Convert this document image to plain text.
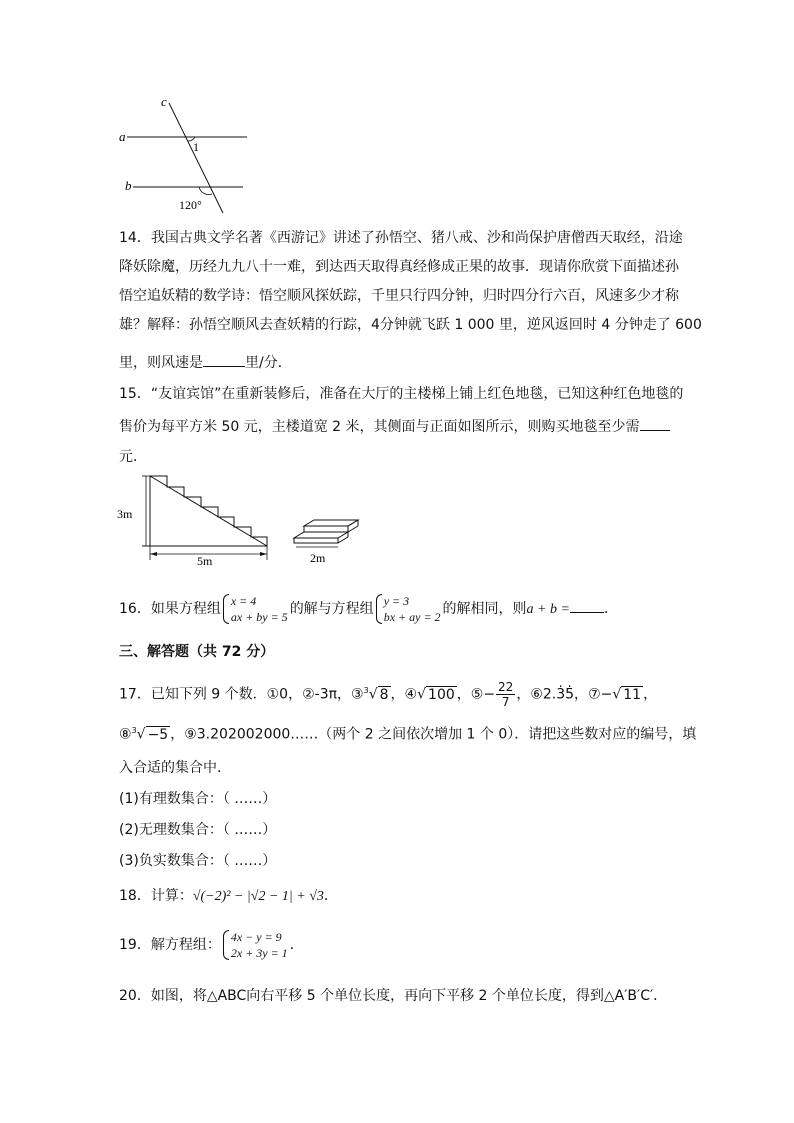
c
a
b
1
120°
14．我国古典文学名著《西游记》讲述了孙悟空、猪八戒、沙和尚保护唐僧西天取经，沿途
降妖除魔，历经九九八十一难，到达西天取得真经修成正果的故事．现请你欣赏下面描述孙
悟空追妖精的数学诗：悟空顺风探妖踪，千里只行四分钟，归时四分行六百，风速多少才称
雄？解释：孙悟空顺风去查妖精的行踪，4分钟就飞跃 1 000 里，逆风返回时 4 分钟走了 600
里，则风速是	里/分．
15．“友谊宾馆”在重新装修后，准备在大厅的主楼梯上铺上红色地毯，已知这种红色地毯的
售价为每平方米 50 元，主楼道宽 2 米，其侧面与正面如图所示，则购买地毯至少需
元．
3m
5m	2m
16．如果方程组 x = 4
ax + by = 5 的解与方程组 y = 3
bx + ay = 2 的解相同，则a + b = ．
三、解答题（共 72 分）
17．已知下列 9 个数．①0，②-3π，③$^3$√ 8 ，④√ 100 ，⑤− $\frac{22}{7}$ ，⑥2.3̇5̇，⑦−√ 11 ，
⑧$^3$√ −5 ，⑨3.202002000……（两个 2 之间依次增加 1 个 0）．请把这些数对应的编号，填
入合适的集合中．
(1)有理数集合：（ ……）
(2)无理数集合：（ ……）
(3)负实数集合：（ ……）
18．计算：√(−2)² − |√2 − 1| + √3．
19．解方程组： 4x − y = 9
2x + 3y = 1 ．
20．如图，将△ABC向右平移 5 个单位长度，再向下平移 2 个单位长度，得到△A′B′C′．
